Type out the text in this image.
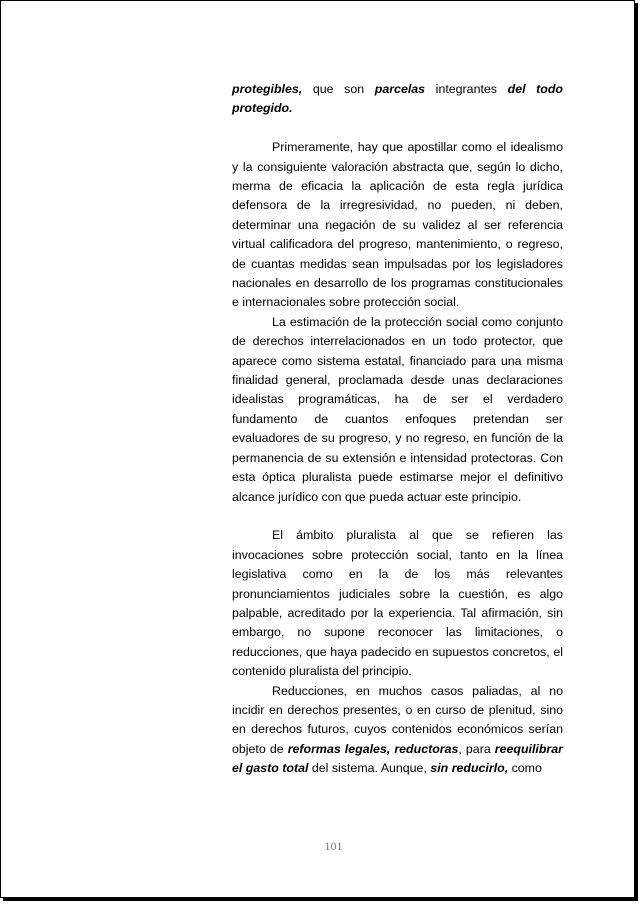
protegibles, que son parcelas integrantes del todo protegido.

Primeramente, hay que apostillar como el idealismo y la consiguiente valoración abstracta que, según lo dicho, merma de eficacia la aplicación de esta regla jurídica defensora de la irregresividad, no pueden, ni deben, determinar una negación de su validez al ser referencia virtual calificadora del progreso, mantenimiento, o regreso, de cuantas medidas sean impulsadas por los legisladores nacionales en desarrollo de los programas constitucionales e internacionales sobre protección social.

La estimación de la protección social como conjunto de derechos interrelacionados en un todo protector, que aparece como sistema estatal, financiado para una misma finalidad general, proclamada desde unas declaraciones idealistas programáticas, ha de ser el verdadero fundamento de cuantos enfoques pretendan ser evaluadores de su progreso, y no regreso, en función de la permanencia de su extensión e intensidad protectoras. Con esta óptica pluralista puede estimarse mejor el definitivo alcance jurídico con que pueda actuar este principio.

El ámbito pluralista al que se refieren las invocaciones sobre protección social, tanto en la línea legislativa como en la de los más relevantes pronunciamientos judiciales sobre la cuestión, es algo palpable, acreditado por la experiencia. Tal afirmación, sin embargo, no supone reconocer las limitaciones, o reducciones, que haya padecido en supuestos concretos, el contenido pluralista del principio.

Reducciones, en muchos casos paliadas, al no incidir en derechos presentes, o en curso de plenitud, sino en derechos futuros, cuyos contenidos económicos serían objeto de reformas legales, reductoras, para reequilibrar el gasto total del sistema. Aunque, sin reducirlo, como

101
